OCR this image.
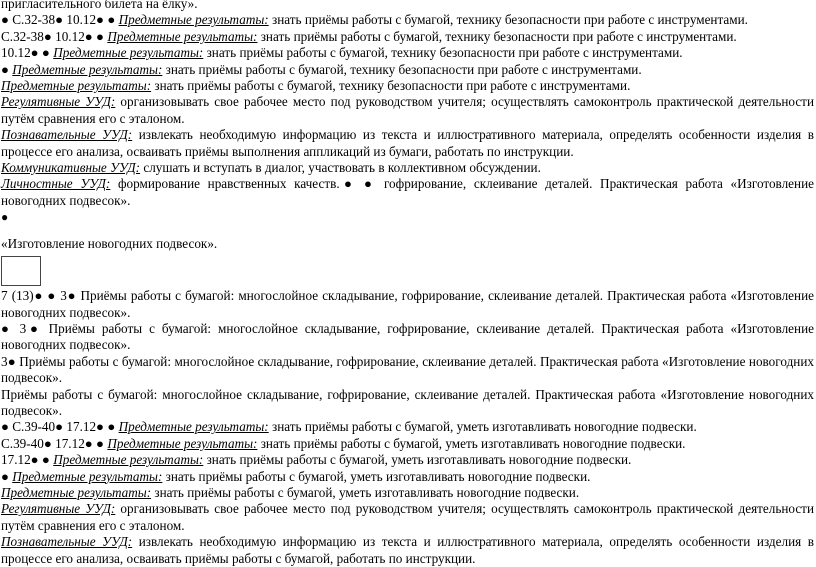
пригласительного билета на ёлку».

● С.32-38● 10.12● ● Предметные результаты: знать приёмы работы с бумагой, технику безопасности при работе с инструментами.

С.32-38● 10.12● ● Предметные результаты: знать приёмы работы с бумагой, технику безопасности при работе с инструментами.

10.12● ● Предметные результаты: знать приёмы работы с бумагой, технику безопасности при работе с инструментами.

● Предметные результаты: знать приёмы работы с бумагой, технику безопасности при работе с инструментами.

Предметные результаты: знать приёмы работы с бумагой, технику безопасности при работе с инструментами.

Регулятивные УУД: организовывать свое рабочее место под руководством учителя; осуществлять самоконтроль практической деятельности путём сравнения его с эталоном.

Познавательные УУД: извлекать необходимую информацию из текста и иллюстративного материала, определять особенности изделия в процессе его анализа, осваивать приёмы выполнения аппликаций из бумаги, работать по инструкции.

Коммуникативные УУД: слушать и вступать в диалог, участвовать в коллективном обсуждении.

Личностные УУД: формирование нравственных качеств.● ● гофрирование, склеивание деталей. Практическая работа «Изготовление новогодних подвесок».

●

«Изготовление новогодних подвесок».

7 (13)● ● 3● Приёмы работы с бумагой: многослойное складывание, гофрирование, склеивание деталей. Практическая работа «Изготовление новогодних подвесок».

● 3● Приёмы работы с бумагой: многослойное складывание, гофрирование, склеивание деталей. Практическая работа «Изготовление новогодних подвесок».

3● Приёмы работы с бумагой: многослойное складывание, гофрирование, склеивание деталей. Практическая работа «Изготовление новогодних подвесок».

Приёмы работы с бумагой: многослойное складывание, гофрирование, склеивание деталей. Практическая работа «Изготовление новогодних подвесок».

● С.39-40● 17.12● ● Предметные результаты: знать приёмы работы с бумагой, уметь изготавливать новогодние подвески.

С.39-40● 17.12● ● Предметные результаты: знать приёмы работы с бумагой, уметь изготавливать новогодние подвески.

17.12● ● Предметные результаты: знать приёмы работы с бумагой, уметь изготавливать новогодние подвески.

● Предметные результаты: знать приёмы работы с бумагой, уметь изготавливать новогодние подвески.

Предметные результаты: знать приёмы работы с бумагой, уметь изготавливать новогодние подвески.

Регулятивные УУД: организовывать свое рабочее место под руководством учителя; осуществлять самоконтроль практической деятельности путём сравнения его с эталоном.

Познавательные УУД: извлекать необходимую информацию из текста и иллюстративного материала, определять особенности изделия в процессе его анализа, осваивать приёмы работы с бумагой, работать по инструкции.
